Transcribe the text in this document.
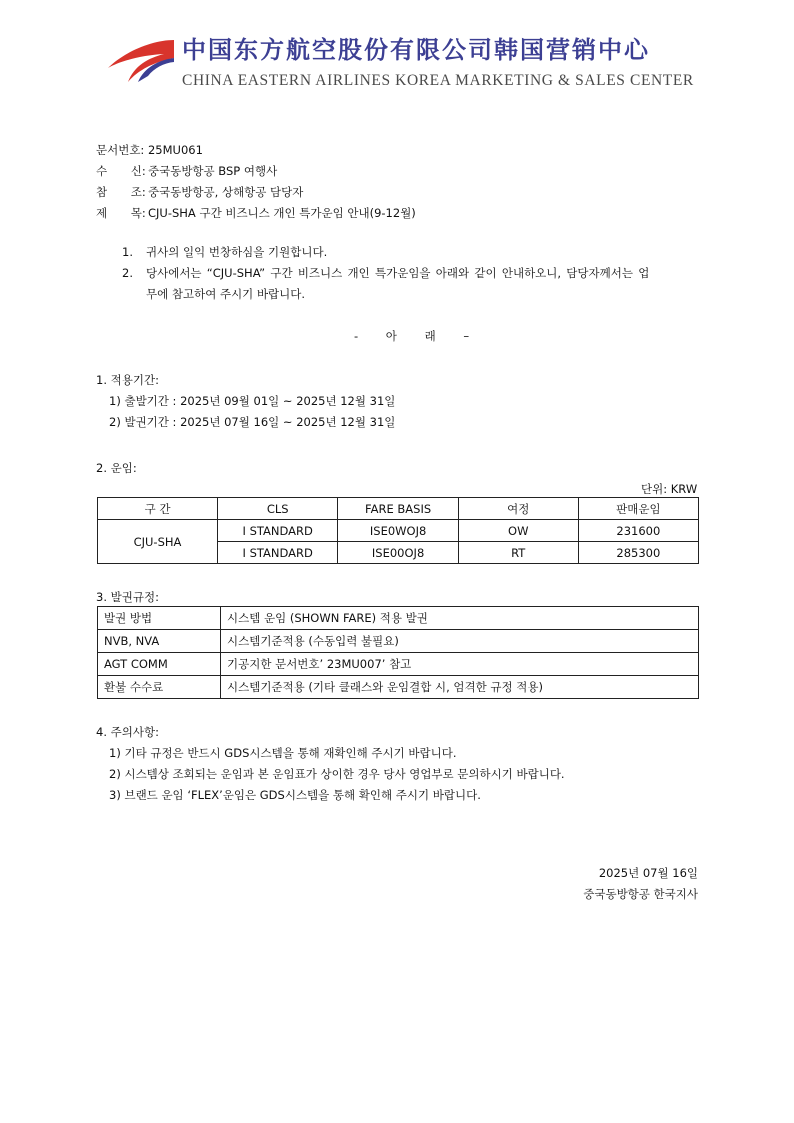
中国东方航空股份有限公司韩国营销中心
CHINA EASTERN AIRLINES KOREA MARKETING & SALES CENTER
문서번호: 25MU061
수 신: 중국동방항공 BSP 여행사
참 조: 중국동방항공, 상해항공 담당자
제 목: CJU-SHA 구간 비즈니스 개인 특가운임 안내(9-12월)
1. 귀사의 일익 번창하심을 기원합니다.
2. 당사에서는 “CJU-SHA” 구간 비즈니스 개인 특가운임을 아래와 같이 안내하오니, 담당자께서는 업
무에 참고하여 주시기 바랍니다.
- 아 래 –
1. 적용기간:
1) 출발기간 : 2025년 09월 01일 ~ 2025년 12월 31일
2) 발권기간 : 2025년 07월 16일 ~ 2025년 12월 31일
2. 운임:
단위: KRW
구 간	CLS	FARE BASIS	여정	판매운임
CJU-SHA	I STANDARD	ISE0WOJ8	OW	231600
	I STANDARD	ISE00OJ8	RT	285300
3. 발권규정:
발권 방법	시스템 운임 (SHOWN FARE) 적용 발권
NVB, NVA	시스템기준적용 (수동입력 불필요)
AGT COMM	기공지한 문서번호’ 23MU007’ 참고
환불 수수료	시스템기준적용 (기타 클래스와 운임결합 시, 엄격한 규정 적용)
4. 주의사항:
1) 기타 규정은 반드시 GDS시스템을 통해 재확인해 주시기 바랍니다.
2) 시스템상 조회되는 운임과 본 운임표가 상이한 경우 당사 영업부로 문의하시기 바랍니다.
3) 브랜드 운임 ‘FLEX’운임은 GDS시스템을 통해 확인해 주시기 바랍니다.
2025년 07월 16일
중국동방항공 한국지사
